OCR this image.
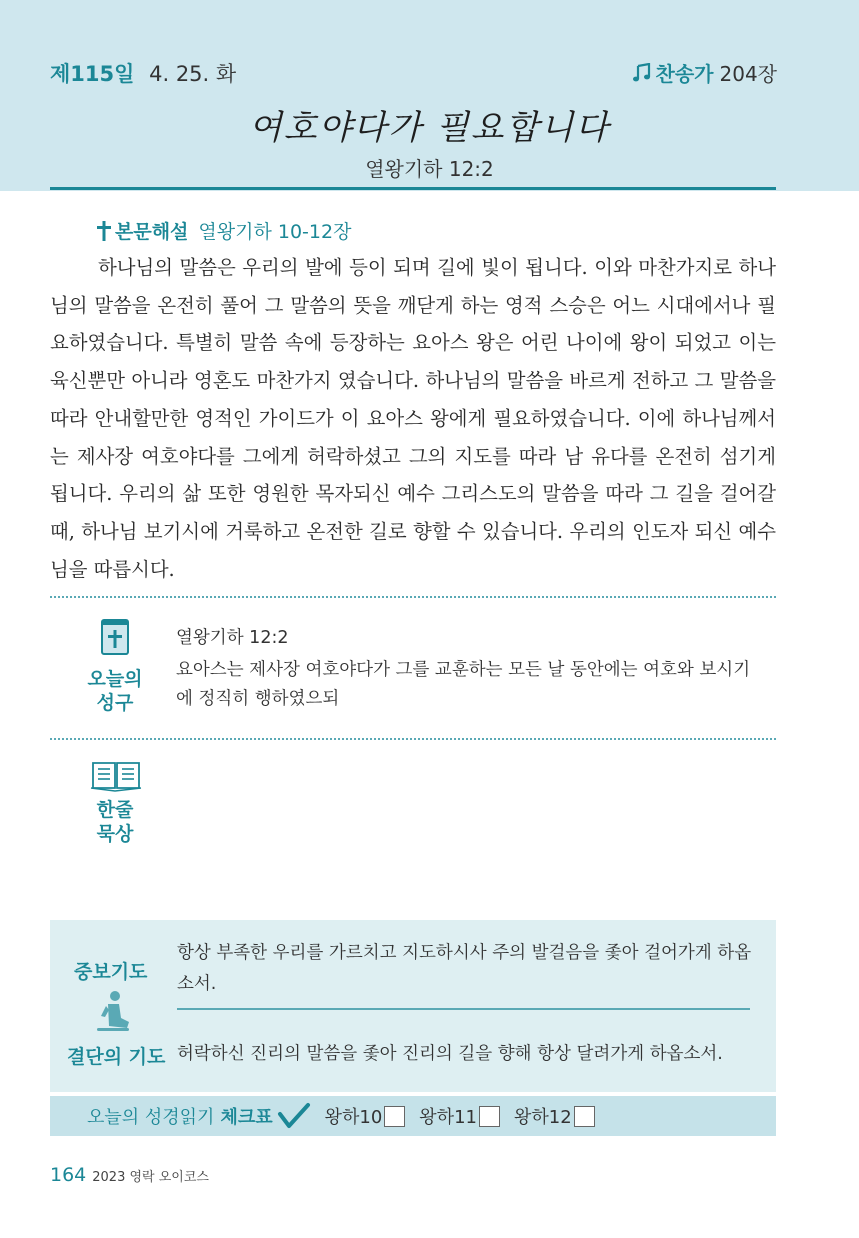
제115일 4. 25. 화	찬송가 204장
여호야다가 필요합니다
열왕기하 12:2
본문해설 열왕기하 10-12장
하나님의 말씀은 우리의 발에 등이 되며 길에 빛이 됩니다. 이와 마찬가지로 하나님의 말씀을 온전히 풀어 그 말씀의 뜻을 깨닫게 하는 영적 스승은 어느 시대에서나 필요하였습니다. 특별히 말씀 속에 등장하는 요아스 왕은 어린 나이에 왕이 되었고 이는 육신뿐만 아니라 영혼도 마찬가지 였습니다. 하나님의 말씀을 바르게 전하고 그 말씀을 따라 안내할만한 영적인 가이드가 이 요아스 왕에게 필요하였습니다. 이에 하나님께서는 제사장 여호야다를 그에게 허락하셨고 그의 지도를 따라 남 유다를 온전히 섬기게 됩니다. 우리의 삶 또한 영원한 목자되신 예수 그리스도의 말씀을 따라 그 길을 걸어갈 때, 하나님 보기시에 거룩하고 온전한 길로 향할 수 있습니다. 우리의 인도자 되신 예수님을 따릅시다.
오늘의
성구
열왕기하 12:2
요아스는 제사장 여호야다가 그를 교훈하는 모든 날 동안에는 여호와 보시기에 정직히 행하였으되
한줄
묵상
중보기도
항상 부족한 우리를 가르치고 지도하시사 주의 발걸음을 좇아 걸어가게 하옵소서.
결단의 기도 허락하신 진리의 말씀을 좇아 진리의 길을 향해 항상 달려가게 하옵소서.
오늘의 성경읽기 체크표	왕하10 왕하11 왕하12
164 2023 영락 오이코스
